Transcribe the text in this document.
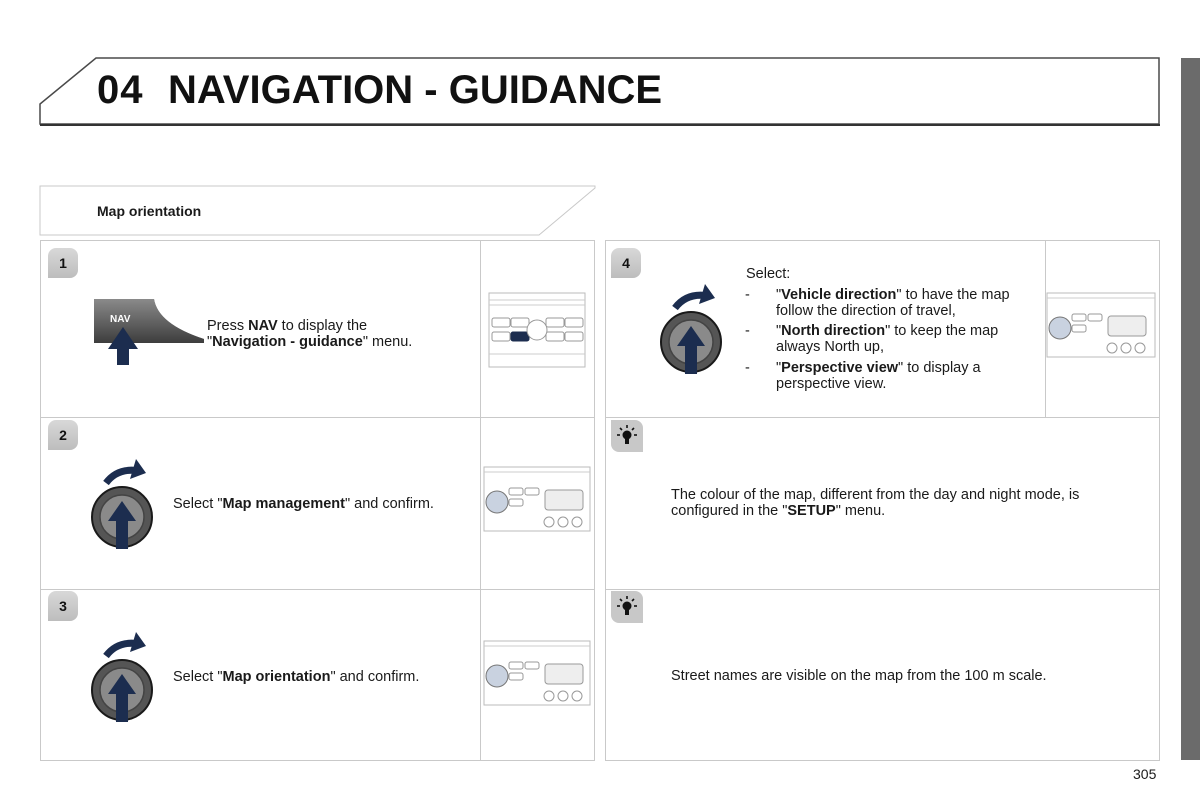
04 NAVIGATION - GUIDANCE
Map orientation
1
2
3
4
NAV	Press NAV to display the
"Navigation - guidance" menu.
Select "Map management" and confirm.
Select "Map orientation" and confirm.
Select:
- "Vehicle direction" to have the map
follow the direction of travel,
- "North direction" to keep the map
always North up,
- "Perspective view" to display a
perspective view.
The colour of the map, different from the day and night mode, is
configured in the "SETUP" menu.
Street names are visible on the map from the 100 m scale.
305
